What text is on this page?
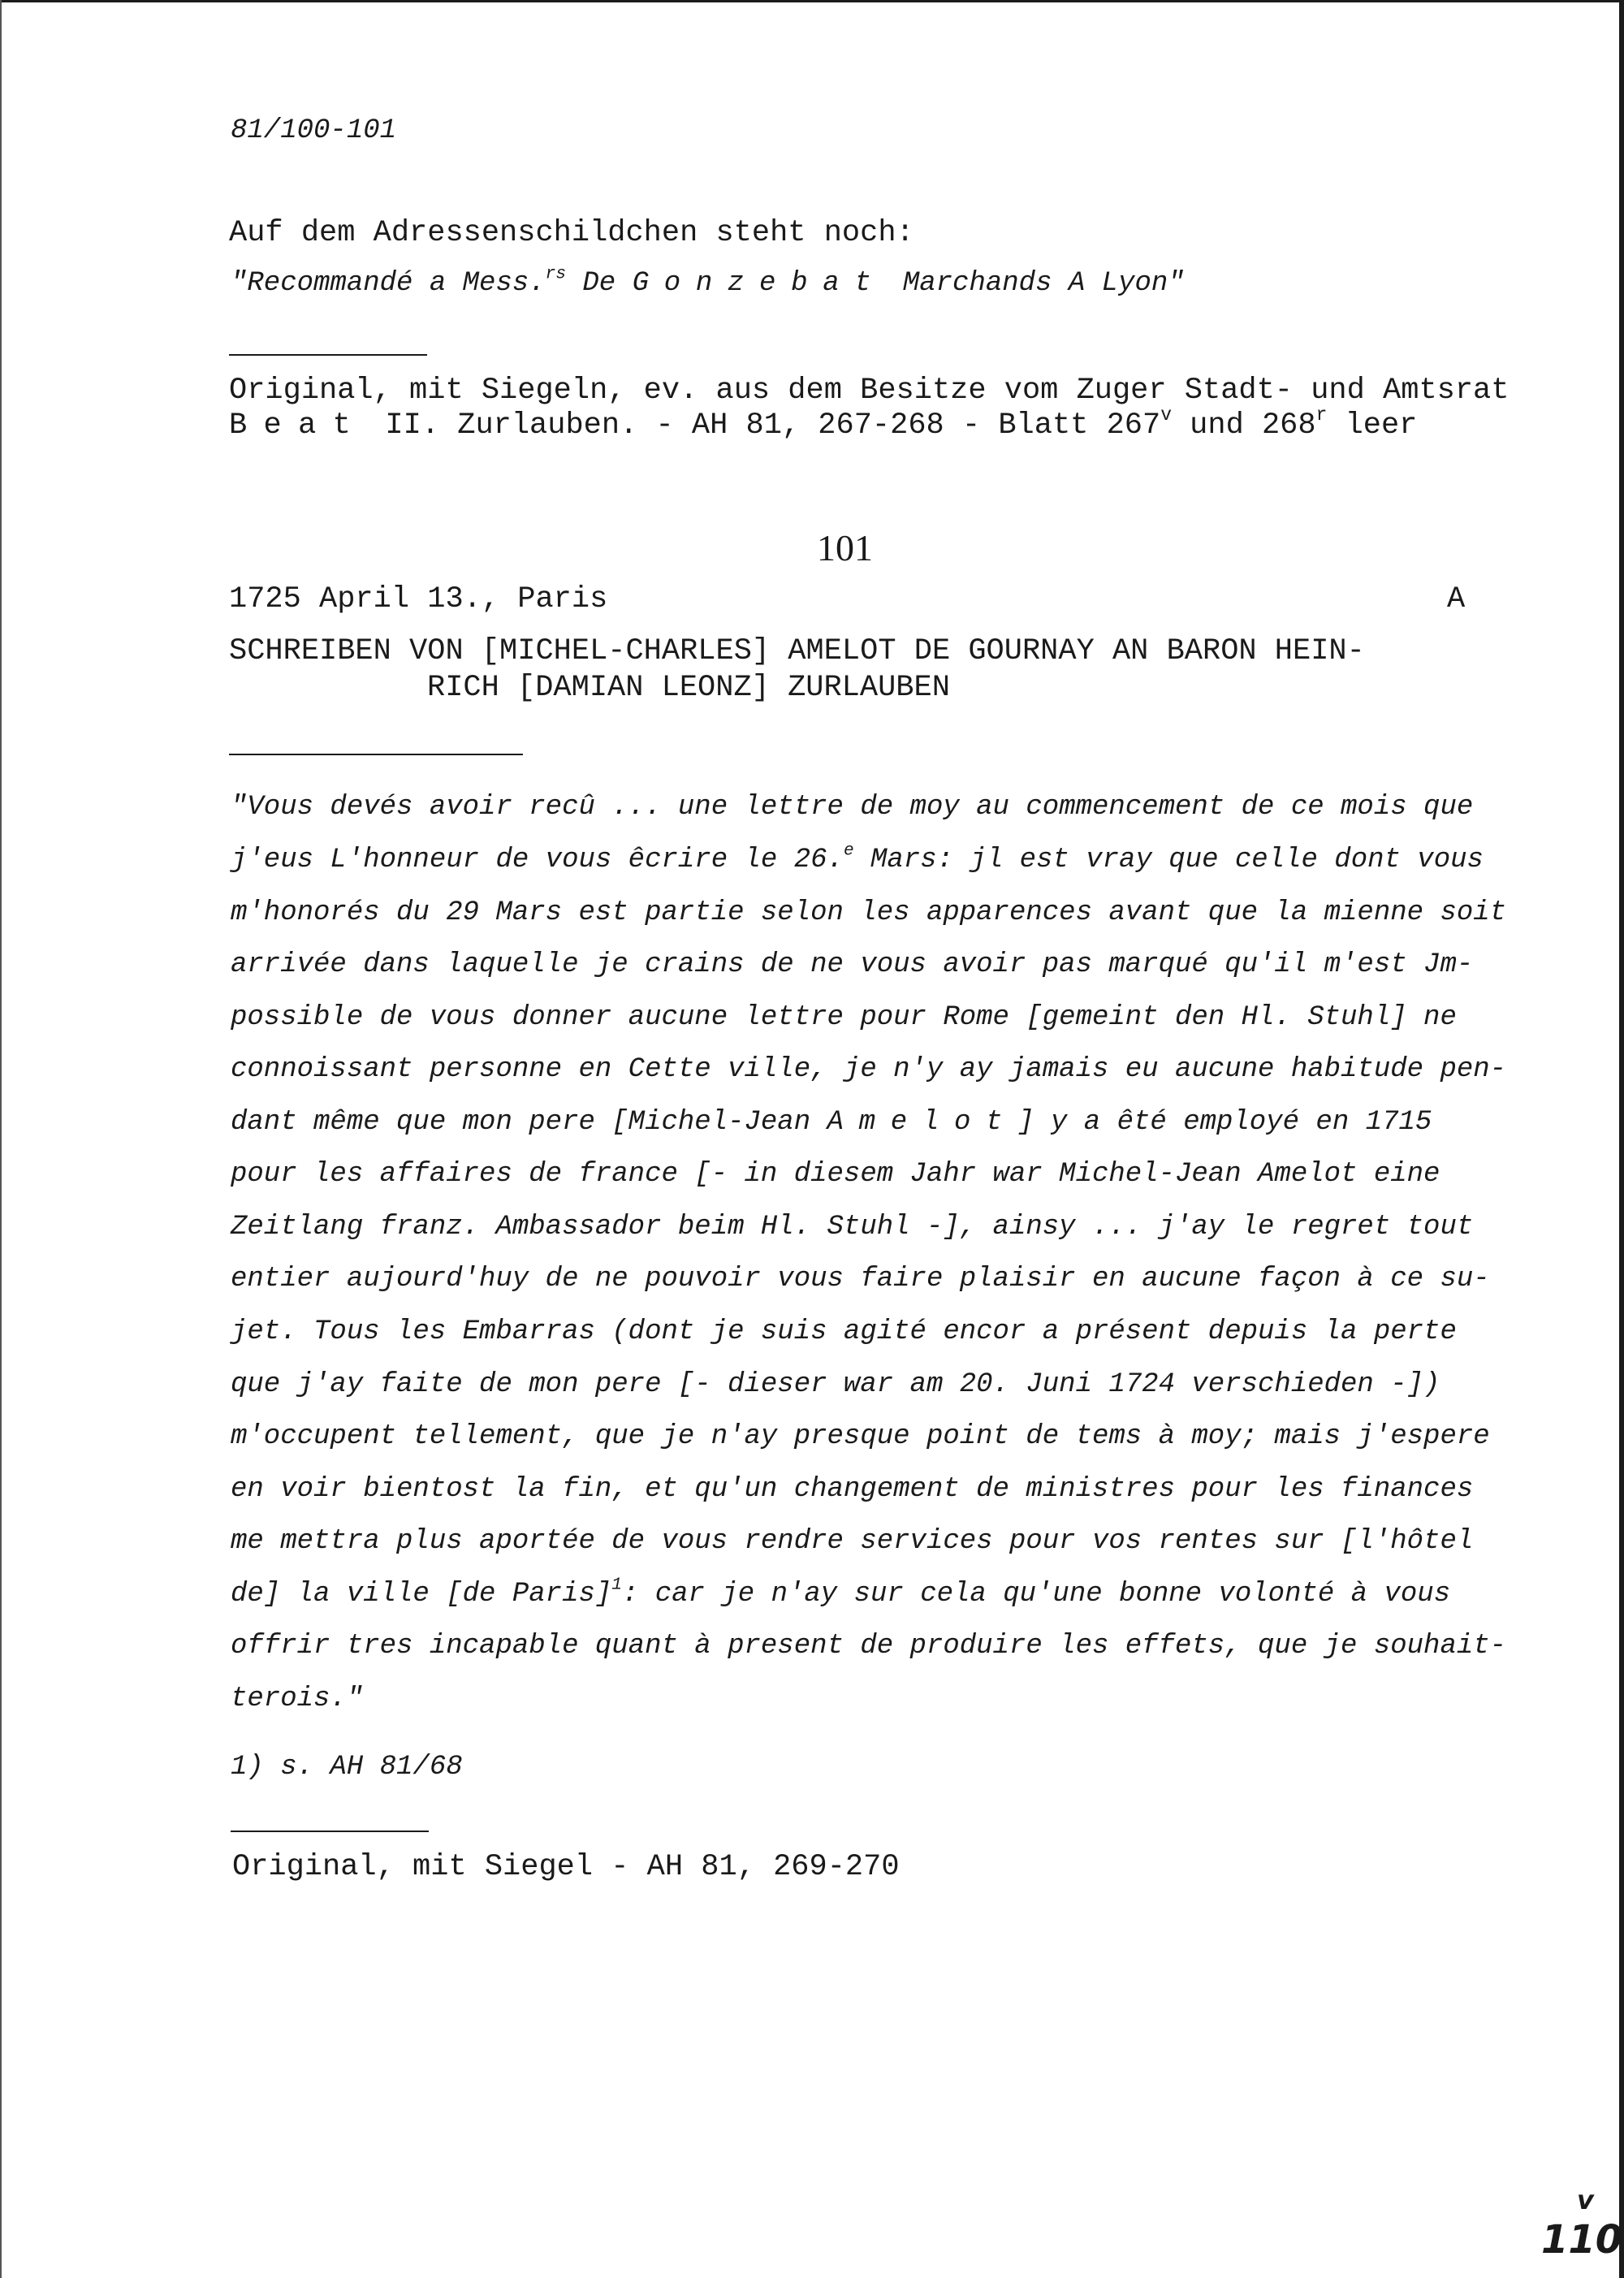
81/100-101
Auf dem Adressenschildchen steht noch:
"Recommandé a Mess.$^{rs}$ De Gonzebat Marchands A Lyon"
Original, mit Siegeln, ev. aus dem Besitze vom Zuger Stadt- und Amtsrat
Beat II. Zurlauben. - AH 81, 267-268 - Blatt 267$^v$ und 268$^r$ leer
101
1725 April 13., Paris	A
SCHREIBEN VON [MICHEL-CHARLES] AMELOT DE GOURNAY AN BARON HEIN-
RICH [DAMIAN LEONZ] ZURLAUBEN
"Vous devés avoir recû ... une lettre de moy au commencement de ce mois que
j'eus L'honneur de vous êcrire le 26.$^e$ Mars: jl est vray que celle dont vous
m'honorés du 29 Mars est partie selon les apparences avant que la mienne soit
arrivée dans laquelle je crains de ne vous avoir pas marqué qu'il m'est Jm-
possible de vous donner aucune lettre pour Rome [gemeint den Hl. Stuhl] ne
connoissant personne en Cette ville, je n'y ay jamais eu aucune habitude pen-
dant même que mon pere [Michel-Jean Amelot] y a êté employé en 1715
pour les affaires de france [- in diesem Jahr war Michel-Jean Amelot eine
Zeitlang franz. Ambassador beim Hl. Stuhl -], ainsy ... j'ay le regret tout
entier aujourd'huy de ne pouvoir vous faire plaisir en aucune façon à ce su-
jet. Tous les Embarras (dont je suis agité encor a présent depuis la perte
que j'ay faite de mon pere [- dieser war am 20. Juni 1724 verschieden -])
m'occupent tellement, que je n'ay presque point de tems à moy; mais j'espere
en voir bientost la fin, et qu'un changement de ministres pour les finances
me mettra plus aportée de vous rendre services pour vos rentes sur [l'hôtel
de] la ville [de Paris]$^1$: car je n'ay sur cela qu'une bonne volonté à vous
offrir tres incapable quant à present de produire les effets, que je souhait-
terois."
1) s. AH 81/68
Original, mit Siegel - AH 81, 269-270
v
110
